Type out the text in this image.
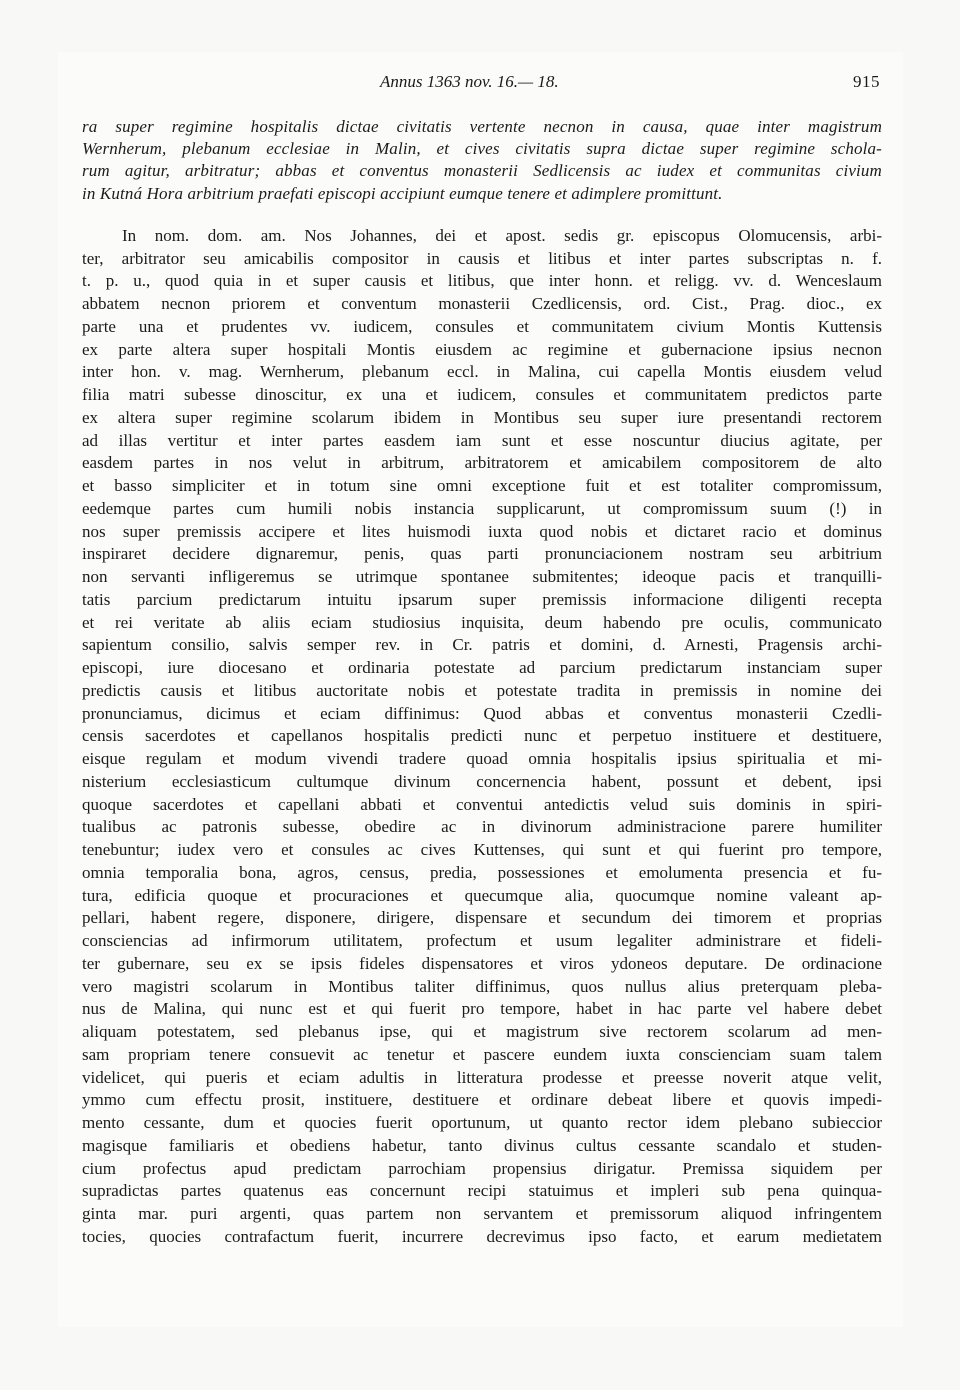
Annus 1363 nov. 16.— 18.	915
ra super regimine hospitalis dictae civitatis vertente necnon in causa, quae inter magistrum
Wernherum, plebanum ecclesiae in Malin, et cives civitatis supra dictae super regimine schola-
rum agitur, arbitratur; abbas et conventus monasterii Sedlicensis ac iudex et communitas civium
in Kutná Hora arbitrium praefati episcopi accipiunt eumque tenere et adimplere promittunt.
In nom. dom. am. Nos Johannes, dei et apost. sedis gr. episcopus Olomucensis, arbi-
ter, arbitrator seu amicabilis compositor in causis et litibus et inter partes subscriptas n. f.
t. p. u., quod quia in et super causis et litibus, que inter honn. et religg. vv. d. Wenceslaum
abbatem necnon priorem et conventum monasterii Czedlicensis, ord. Cist., Prag. dioc., ex
parte una et prudentes vv. iudicem, consules et communitatem civium Montis Kuttensis
ex parte altera super hospitali Montis eiusdem ac regimine et gubernacione ipsius necnon
inter hon. v. mag. Wernherum, plebanum eccl. in Malina, cui capella Montis eiusdem velud
filia matri subesse dinoscitur, ex una et iudicem, consules et communitatem predictos parte
ex altera super regimine scolarum ibidem in Montibus seu super iure presentandi rectorem
ad illas vertitur et inter partes easdem iam sunt et esse noscuntur diucius agitate, per
easdem partes in nos velut in arbitrum, arbitratorem et amicabilem compositorem de alto
et basso simpliciter et in totum sine omni exceptione fuit et est totaliter compromissum,
eedemque partes cum humili nobis instancia supplicarunt, ut compromissum suum (!) in
nos super premissis accipere et lites huismodi iuxta quod nobis et dictaret racio et dominus
inspiraret decidere dignaremur, penis, quas parti pronunciacionem nostram seu arbitrium
non servanti infligeremus se utrimque spontanee submitentes; ideoque pacis et tranquilli-
tatis parcium predictarum intuitu ipsarum super premissis informacione diligenti recepta
et rei veritate ab aliis eciam studiosius inquisita, deum habendo pre oculis, communicato
sapientum consilio, salvis semper rev. in Cr. patris et domini, d. Arnesti, Pragensis archi-
episcopi, iure diocesano et ordinaria potestate ad parcium predictarum instanciam super
predictis causis et litibus auctoritate nobis et potestate tradita in premissis in nomine dei
pronunciamus, dicimus et eciam diffinimus: Quod abbas et conventus monasterii Czedli-
censis sacerdotes et capellanos hospitalis predicti nunc et perpetuo instituere et destituere,
eisque regulam et modum vivendi tradere quoad omnia hospitalis ipsius spiritualia et mi-
nisterium ecclesiasticum cultumque divinum concernencia habent, possunt et debent, ipsi
quoque sacerdotes et capellani abbati et conventui antedictis velud suis dominis in spiri-
tualibus ac patronis subesse, obedire ac in divinorum administracione parere humiliter
tenebuntur; iudex vero et consules ac cives Kuttenses, qui sunt et qui fuerint pro tempore,
omnia temporalia bona, agros, census, predia, possessiones et emolumenta presencia et fu-
tura, edificia quoque et procuraciones et quecumque alia, quocumque nomine valeant ap-
pellari, habent regere, disponere, dirigere, dispensare et secundum dei timorem et proprias
consciencias ad infirmorum utilitatem, profectum et usum legaliter administrare et fideli-
ter gubernare, seu ex se ipsis fideles dispensatores et viros ydoneos deputare. De ordinacione
vero magistri scolarum in Montibus taliter diffinimus, quos nullus alius preterquam pleba-
nus de Malina, qui nunc est et qui fuerit pro tempore, habet in hac parte vel habere debet
aliquam potestatem, sed plebanus ipse, qui et magistrum sive rectorem scolarum ad men-
sam propriam tenere consuevit ac tenetur et pascere eundem iuxta conscienciam suam talem
videlicet, qui pueris et eciam adultis in litteratura prodesse et preesse noverit atque velit,
ymmo cum effectu prosit, instituere, destituere et ordinare debeat libere et quovis impedi-
mento cessante, dum et quocies fuerit oportunum, ut quanto rector idem plebano subieccior
magisque familiaris et obediens habetur, tanto divinus cultus cessante scandalo et studen-
cium profectus apud predictam parrochiam propensius dirigatur. Premissa siquidem per
supradictas partes quatenus eas concernunt recipi statuimus et impleri sub pena quinqua-
ginta mar. puri argenti, quas partem non servantem et premissorum aliquod infringentem
tocies, quocies contrafactum fuerit, incurrere decrevimus ipso facto, et earum medietatem
